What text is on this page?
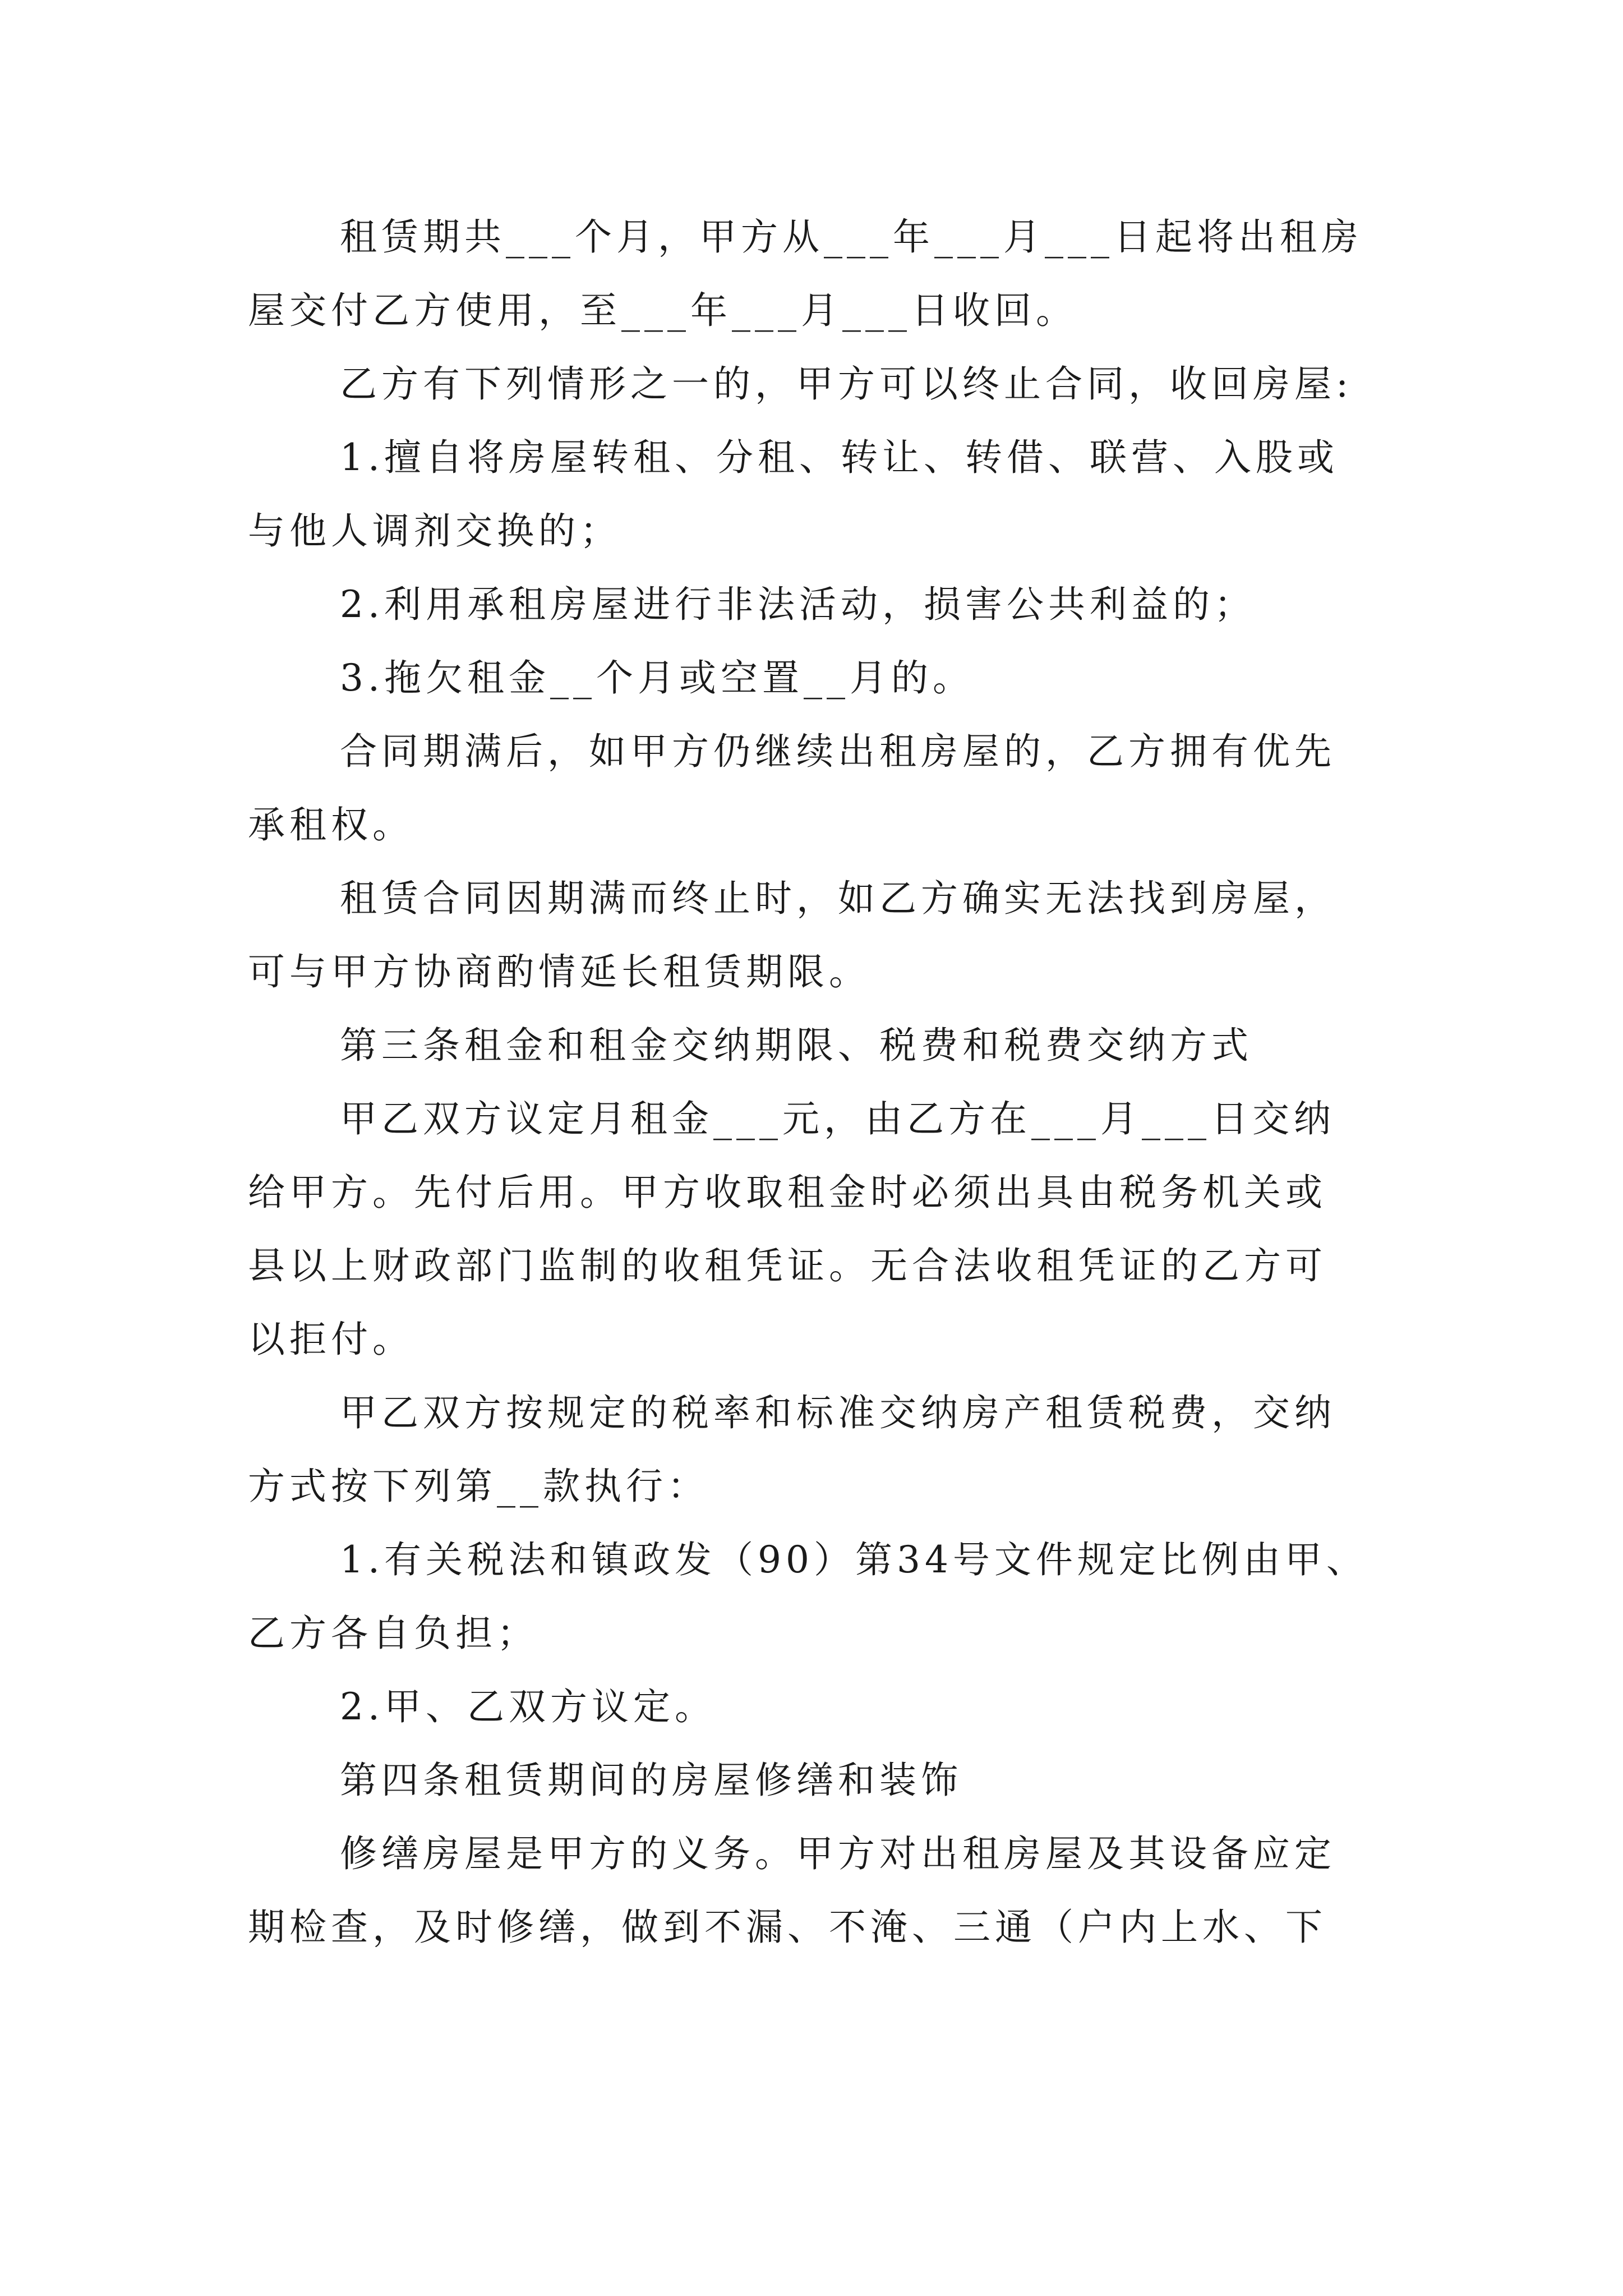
租赁期共___个月，甲方从___年___月___日起将出租房
屋交付乙方使用，至___年___月___日收回。
乙方有下列情形之一的，甲方可以终止合同，收回房屋:
1.擅自将房屋转租、分租、转让、转借、联营、入股或
与他人调剂交换的；
2.利用承租房屋进行非法活动，损害公共利益的；
3.拖欠租金__个月或空置__月的。
合同期满后，如甲方仍继续出租房屋的，乙方拥有优先
承租权。
租赁合同因期满而终止时，如乙方确实无法找到房屋，
可与甲方协商酌情延长租赁期限。
第三条租金和租金交纳期限、税费和税费交纳方式
甲乙双方议定月租金___元，由乙方在___月___日交纳
给甲方。先付后用。甲方收取租金时必须出具由税务机关或
县以上财政部门监制的收租凭证。无合法收租凭证的乙方可
以拒付。
甲乙双方按规定的税率和标准交纳房产租赁税费，交纳
方式按下列第__款执行：
1.有关税法和镇政发（90）第34号文件规定比例由甲、
乙方各自负担；
2.甲、乙双方议定。
第四条租赁期间的房屋修缮和装饰
修缮房屋是甲方的义务。甲方对出租房屋及其设备应定
期检查，及时修缮，做到不漏、不淹、三通（户内上水、下
